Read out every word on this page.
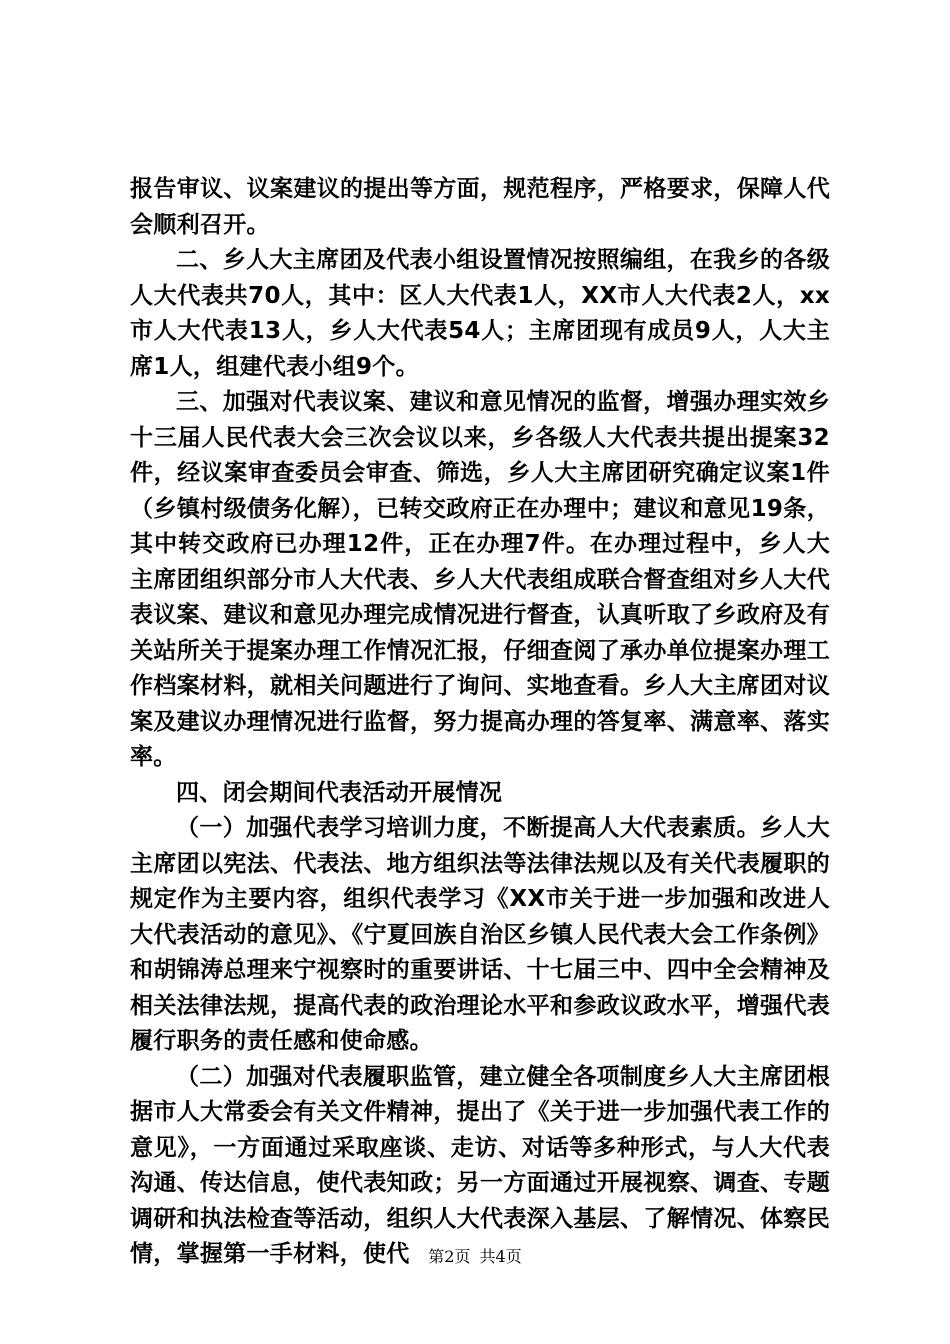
报告审议、议案建议的提出等方面，规范程序，严格要求，保障人代会顺利召开。

二、乡人大主席团及代表小组设置情况按照编组，在我乡的各级人大代表共70人，其中：区人大代表1人，XX市人大代表2人，xx市人大代表13人，乡人大代表54人；主席团现有成员9人，人大主席1人，组建代表小组9个。

三、加强对代表议案、建议和意见情况的监督，增强办理实效乡十三届人民代表大会三次会议以来，乡各级人大代表共提出提案32件，经议案审查委员会审查、筛选，乡人大主席团研究确定议案1件（乡镇村级债务化解），已转交政府正在办理中；建议和意见19条，其中转交政府已办理12件，正在办理7件。在办理过程中，乡人大主席团组织部分市人大代表、乡人大代表组成联合督查组对乡人大代表议案、建议和意见办理完成情况进行督查，认真听取了乡政府及有关站所关于提案办理工作情况汇报，仔细查阅了承办单位提案办理工作档案材料，就相关问题进行了询问、实地查看。乡人大主席团对议案及建议办理情况进行监督，努力提高办理的答复率、满意率、落实率。

四、闭会期间代表活动开展情况

（一）加强代表学习培训力度，不断提高人大代表素质。乡人大主席团以宪法、代表法、地方组织法等法律法规以及有关代表履职的规定作为主要内容，组织代表学习《XX市关于进一步加强和改进人大代表活动的意见》、《宁夏回族自治区乡镇人民代表大会工作条例》和胡锦涛总理来宁视察时的重要讲话、十七届三中、四中全会精神及相关法律法规，提高代表的政治理论水平和参政议政水平，增强代表履行职务的责任感和使命感。

（二）加强对代表履职监管，建立健全各项制度乡人大主席团根据市人大常委会有关文件精神，提出了《关于进一步加强代表工作的意见》，一方面通过采取座谈、走访、对话等多种形式，与人大代表沟通、传达信息，使代表知政；另一方面通过开展视察、调查、专题调研和执法检查等活动，组织人大代表深入基层、了解情况、体察民情，掌握第一手材料，使代	第2页 共4页
